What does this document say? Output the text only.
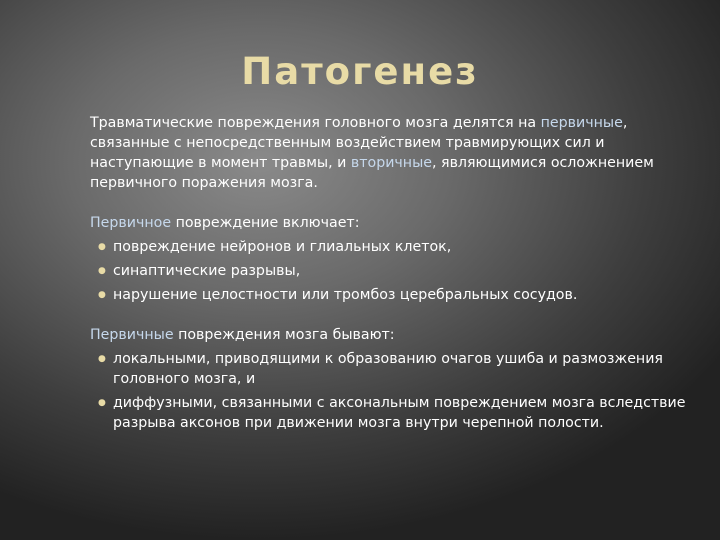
Патогенез

Травматические повреждения головного мозга делятся на первичные, связанные с непосредственным воздействием травмирующих сил и наступающие в момент травмы, и вторичные, являющимися осложнением первичного поражения мозга.

Первичное повреждение включает:

● повреждение нейронов и глиальных клеток,
● синаптические разрывы,
● нарушение целостности или тромбоз церебральных сосудов.

Первичные повреждения мозга бывают:

● локальными, приводящими к образованию очагов ушиба и размозжения головного мозга, и
● диффузными, связанными с аксональным повреждением мозга вследствие разрыва аксонов при движении мозга внутри черепной полости.
